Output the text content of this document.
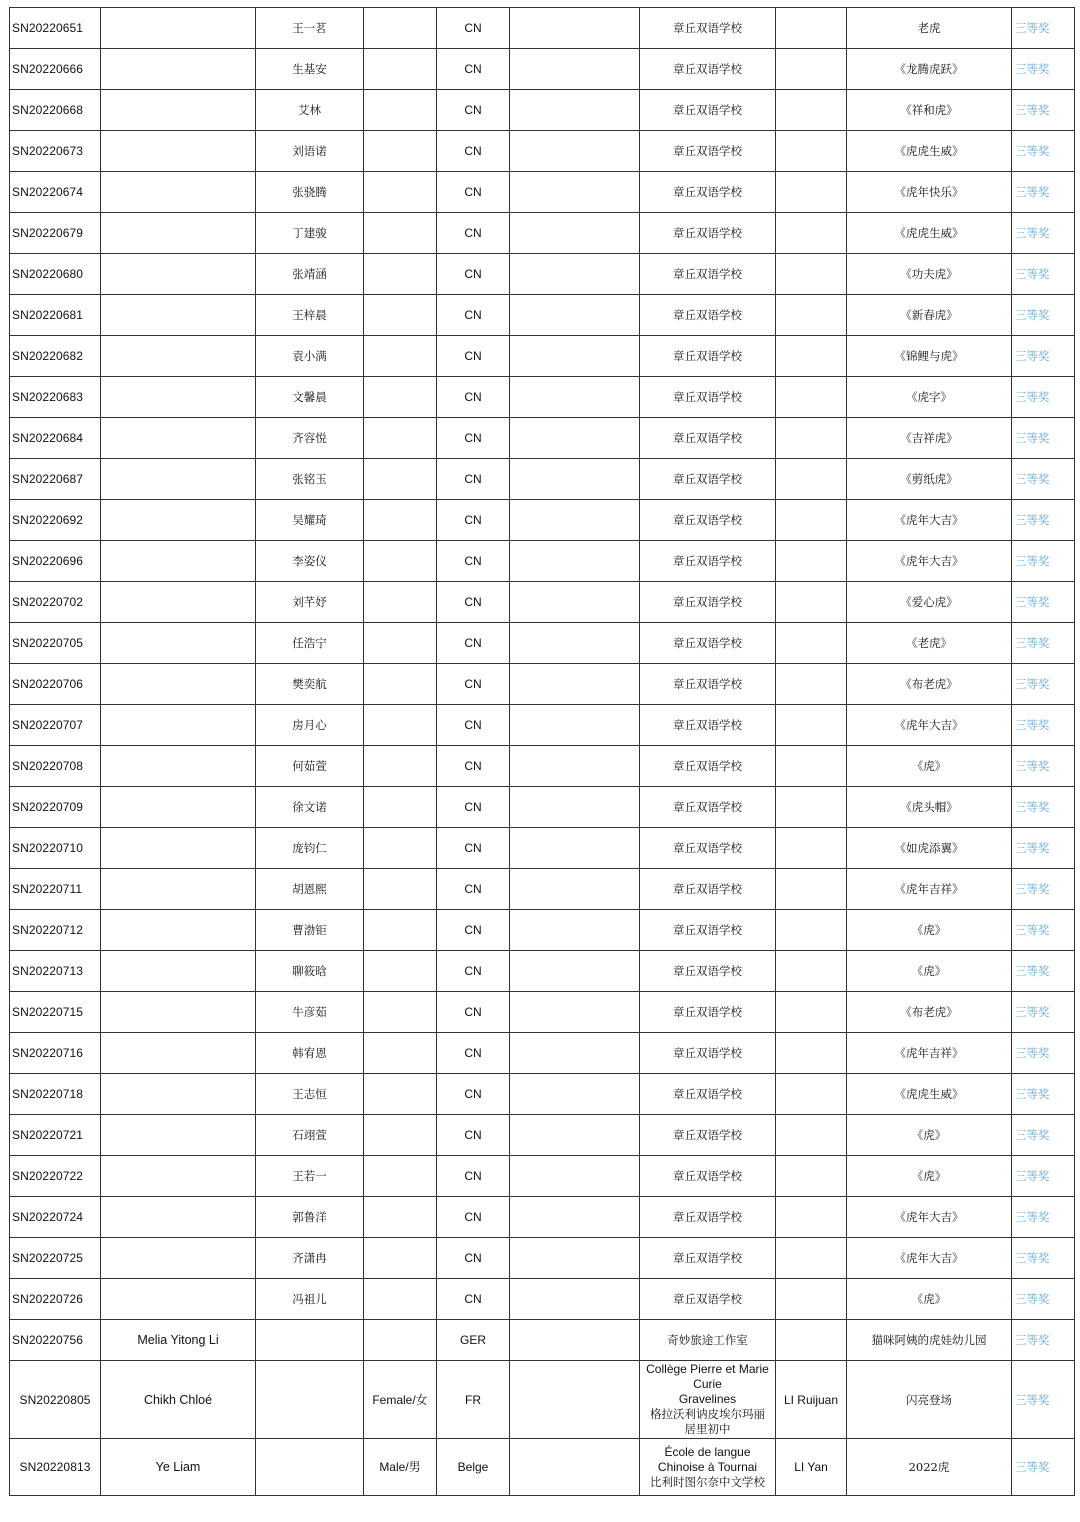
SN20220651		王一茗		CN		章丘双语学校		老虎	三等奖
SN20220666		生基安		CN		章丘双语学校		《龙腾虎跃》	三等奖
SN20220668		艾林		CN		章丘双语学校		《祥和虎》	三等奖
SN20220673		刘语诺		CN		章丘双语学校		《虎虎生威》	三等奖
SN20220674		张骁腾		CN		章丘双语学校		《虎年快乐》	三等奖
SN20220679		丁建骏		CN		章丘双语学校		《虎虎生威》	三等奖
SN20220680		张靖涵		CN		章丘双语学校		《功夫虎》	三等奖
SN20220681		王梓晨		CN		章丘双语学校		《新春虎》	三等奖
SN20220682		袁小满		CN		章丘双语学校		《锦鲤与虎》	三等奖
SN20220683		文馨晨		CN		章丘双语学校		《虎字》	三等奖
SN20220684		齐容悦		CN		章丘双语学校		《吉祥虎》	三等奖
SN20220687		张铭玉		CN		章丘双语学校		《剪纸虎》	三等奖
SN20220692		吴耀琦		CN		章丘双语学校		《虎年大吉》	三等奖
SN20220696		李姿仪		CN		章丘双语学校		《虎年大吉》	三等奖
SN20220702		刘芊妤		CN		章丘双语学校		《爱心虎》	三等奖
SN20220705		任浩宁		CN		章丘双语学校		《老虎》	三等奖
SN20220706		樊奕航		CN		章丘双语学校		《布老虎》	三等奖
SN20220707		房月心		CN		章丘双语学校		《虎年大吉》	三等奖
SN20220708		何茹萱		CN		章丘双语学校		《虎》	三等奖
SN20220709		徐文诺		CN		章丘双语学校		《虎头帽》	三等奖
SN20220710		庞钧仁		CN		章丘双语学校		《如虎添翼》	三等奖
SN20220711		胡恩熙		CN		章丘双语学校		《虎年吉祥》	三等奖
SN20220712		曹渤钜		CN		章丘双语学校		《虎》	三等奖
SN20220713		聊筱晗		CN		章丘双语学校		《虎》	三等奖
SN20220715		牛彦茹		CN		章丘双语学校		《布老虎》	三等奖
SN20220716		韩宥恩		CN		章丘双语学校		《虎年吉祥》	三等奖
SN20220718		王志恒		CN		章丘双语学校		《虎虎生威》	三等奖
SN20220721		石翊萱		CN		章丘双语学校		《虎》	三等奖
SN20220722		王若一		CN		章丘双语学校		《虎》	三等奖
SN20220724		郭鲁洋		CN		章丘双语学校		《虎年大吉》	三等奖
SN20220725		齐潇冉		CN		章丘双语学校		《虎年大吉》	三等奖
SN20220726		冯祖儿		CN		章丘双语学校		《虎》	三等奖
SN20220756	Melia Yitong Li			GER		奇妙旅途工作室		猫咪阿姨的虎娃幼儿园	三等奖
SN20220805	Chikh Chloé		Female/女	FR		Collège Pierre et Marie
Curie
Gravelines
格拉沃利讷皮埃尔玛丽
居里初中	LI Ruijuan	闪亮登场	三等奖
SN20220813	Ye Liam		Male/男	Belge		École de langue
Chinoise à Tournai
比利时图尔奈中文学校	LI Yan	2022虎	三等奖
